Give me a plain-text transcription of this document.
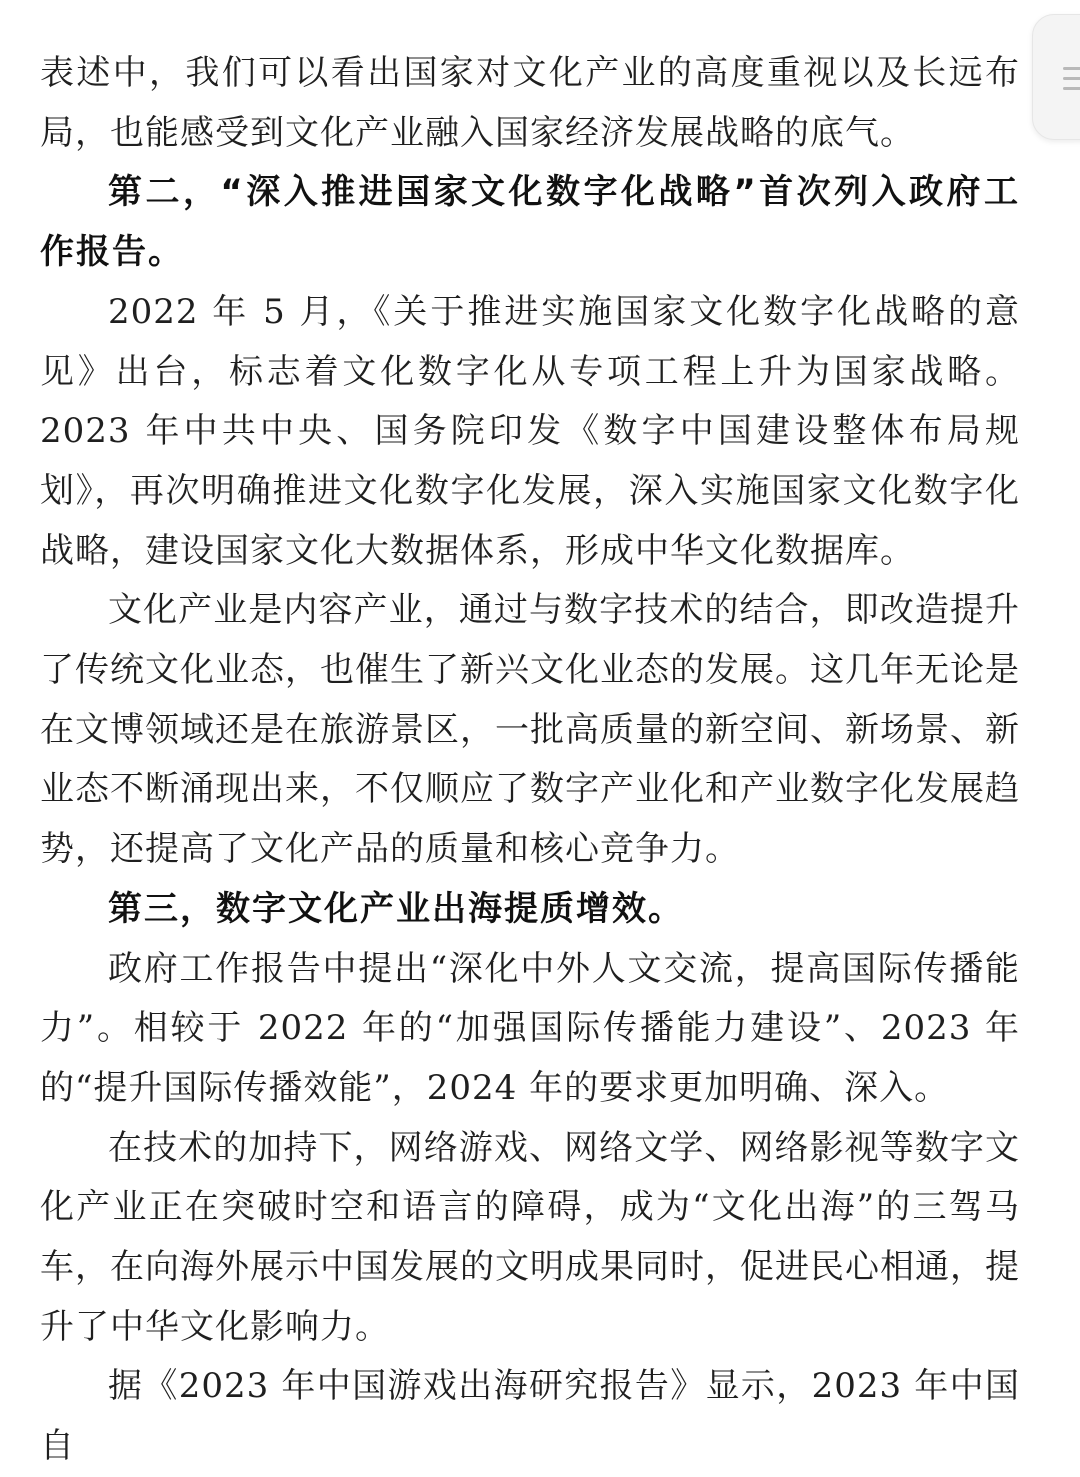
表述中，我们可以看出国家对文化产业的高度重视以及长远布局，也能感受到文化产业融入国家经济发展战略的底气。

第二，“深入推进国家文化数字化战略”首次列入政府工作报告。

2022 年 5 月，《关于推进实施国家文化数字化战略的意见》出台，标志着文化数字化从专项工程上升为国家战略。2023 年中共中央、国务院印发《数字中国建设整体布局规划》，再次明确推进文化数字化发展，深入实施国家文化数字化战略，建设国家文化大数据体系，形成中华文化数据库。

文化产业是内容产业，通过与数字技术的结合，即改造提升了传统文化业态，也催生了新兴文化业态的发展。这几年无论是在文博领域还是在旅游景区，一批高质量的新空间、新场景、新业态不断涌现出来，不仅顺应了数字产业化和产业数字化发展趋势，还提高了文化产品的质量和核心竞争力。

第三，数字文化产业出海提质增效。

政府工作报告中提出“深化中外人文交流，提高国际传播能力”。相较于 2022 年的“加强国际传播能力建设”、2023 年的“提升国际传播效能”，2024 年的要求更加明确、深入。

在技术的加持下，网络游戏、网络文学、网络影视等数字文化产业正在突破时空和语言的障碍，成为“文化出海”的三驾马车，在向海外展示中国发展的文明成果同时，促进民心相通，提升了中华文化影响力。

据《2023 年中国游戏出海研究报告》显示，2023 年中国自
